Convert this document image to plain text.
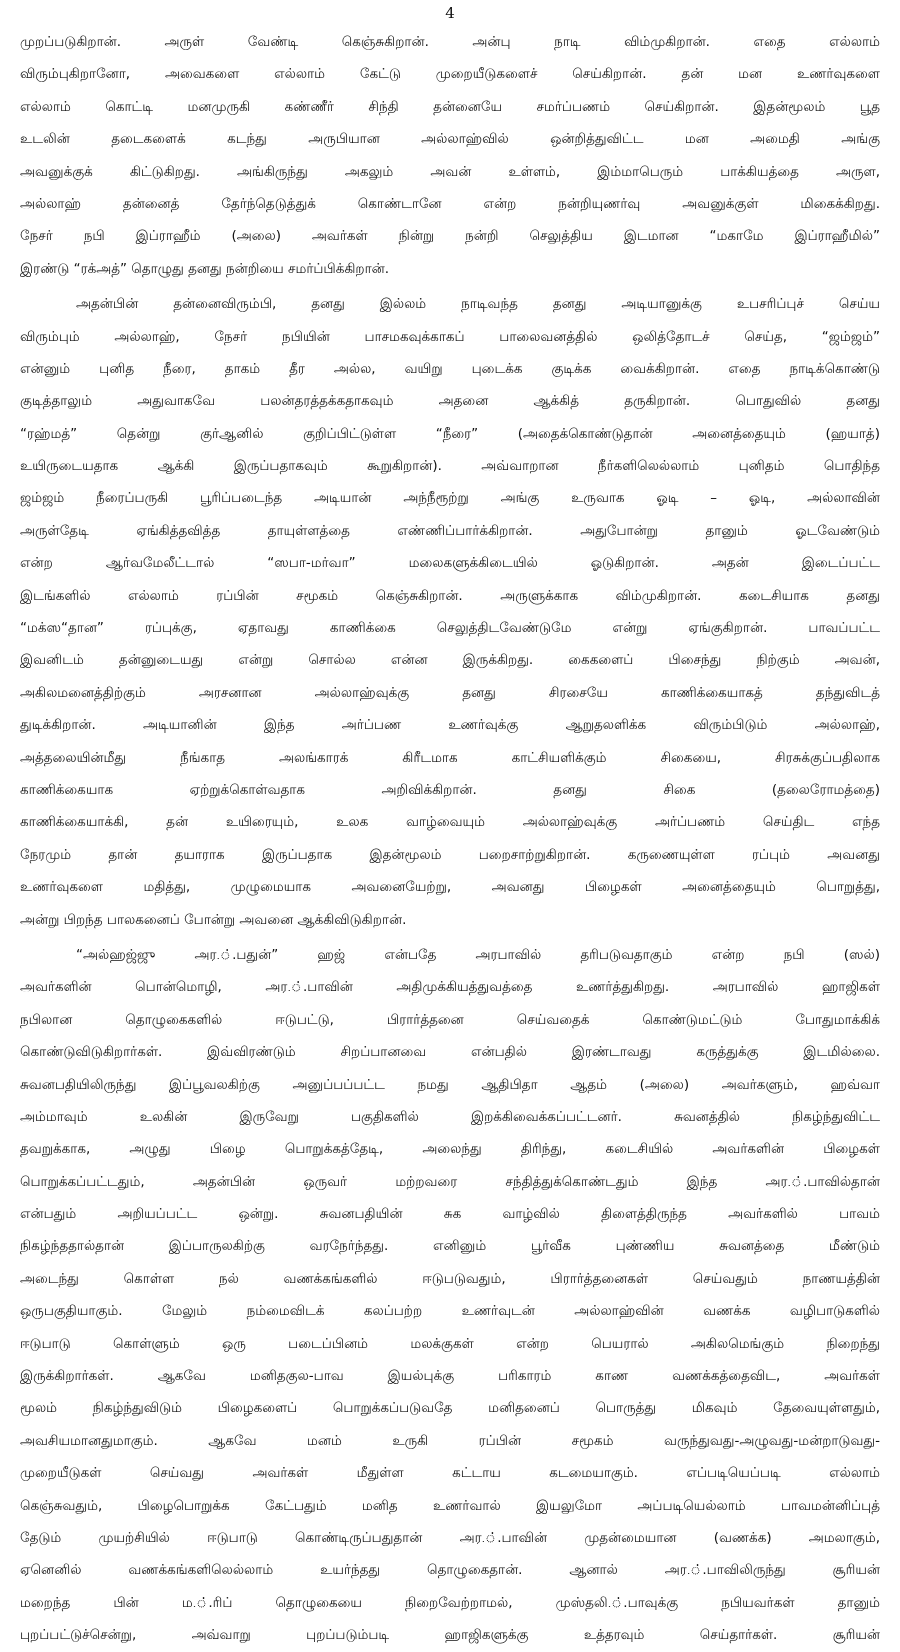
4
முறப்படுகிறான். அருள் வேண்டி கெஞ்சுகிறான். அன்பு நாடி விம்முகிறான். எதை எல்லாம்
விரும்புகிறானோ, அவைகளை எல்லாம் கேட்டு முறையீடுகளைச் செய்கிறான். தன் மன உணர்வுகளை
எல்லாம் கொட்டி மனமுருகி கண்ணீர் சிந்தி தன்னையே சமர்ப்பணம் செய்கிறான். இதன்மூலம் பூத
உடலின் தடைகளைக் கடந்து அருபியான அல்லாஹ்வில் ஒன்றித்துவிட்ட மன அமைதி அங்கு
அவனுக்குக் கிட்டுகிறது. அங்கிருந்து அகலும் அவன் உள்ளம், இம்மாபெரும் பாக்கியத்தை அருள,
அல்லாஹ் தன்னைத் தேர்ந்தெடுத்துக் கொண்டானே என்ற நன்றியுணர்வு அவனுக்குள் மிகைக்கிறது.
நேசர் நபி இப்ராஹீம் (அலை) அவர்கள் நின்று நன்றி செலுத்திய இடமான “மகாமே இப்ராஹீமில்”
இரண்டு “ரக்அத்” தொழுது தனது நன்றியை சமர்ப்பிக்கிறான்.
அதன்பின் தன்னைவிரும்பி, தனது இல்லம் நாடிவந்த தனது அடியானுக்கு உபசரிப்புச் செய்ய
விரும்பும் அல்லாஹ், நேசர் நபியின் பாசமகவுக்காகப் பாலைவனத்தில் ஒலித்தோடச் செய்த, “ஜம்ஜம்”
என்னும் புனித நீரை, தாகம் தீர அல்ல, வயிறு புடைக்க குடிக்க வைக்கிறான். எதை நாடிக்கொண்டு
குடித்தாலும் அதுவாகவே பலன்தரத்தக்கதாகவும் அதனை ஆக்கித் தருகிறான். பொதுவில் தனது
“ரஹ்மத்” தென்று குர்ஆனில் குறிப்பிட்டுள்ள “நீரை” (அதைக்கொண்டுதான் அனைத்தையும் (ஹயாத்)
உயிருடையதாக ஆக்கி இருப்பதாகவும் கூறுகிறான்). அவ்வாறான நீர்களிலெல்லாம் புனிதம் பொதிந்த
ஜம்ஜம் நீரைப்பருகி பூரிப்படைந்த அடியான் அந்நீரூற்று அங்கு உருவாக ஓடி – ஓடி, அல்லாவின்
அருள்தேடி ஏங்கித்தவித்த தாயுள்ளத்தை எண்ணிப்பார்க்கிறான். அதுபோன்று தானும் ஓடவேண்டும்
என்ற ஆர்வமேலீட்டால் “ஸபா-மர்வா” மலைகளுக்கிடையில் ஓடுகிறான். அதன் இடைப்பட்ட
இடங்களில் எல்லாம் ரப்பின் சமூகம் கெஞ்சுகிறான். அருளுக்காக விம்முகிறான். கடைசியாக தனது
“மக்ஸ“தான” ரப்புக்கு, ஏதாவது காணிக்கை செலுத்திடவேண்டுமே என்று ஏங்குகிறான். பாவப்பட்ட
இவனிடம் தன்னுடையது என்று சொல்ல என்ன இருக்கிறது. கைகளைப் பிசைந்து நிற்கும் அவன்,
அகிலமனைத்திற்கும் அரசனான அல்லாஹ்வுக்கு தனது சிரசையே காணிக்கையாகத் தந்துவிடத்
துடிக்கிறான். அடியானின் இந்த அர்ப்பண உணர்வுக்கு ஆறுதலளிக்க விரும்பிடும் அல்லாஹ்,
அத்தலையின்மீது நீங்காத அலங்காரக் கிரீடமாக காட்சியளிக்கும் சிகையை, சிரசுக்குப்பதிலாக
காணிக்கையாக ஏற்றுக்கொள்வதாக அறிவிக்கிறான். தனது சிகை (தலைரோமத்தை)
காணிக்கையாக்கி, தன் உயிரையும், உலக வாழ்வையும் அல்லாஹ்வுக்கு அர்ப்பணம் செய்திட எந்த
நேரமும் தான் தயாராக இருப்பதாக இதன்மூலம் பறைசாற்றுகிறான். கருணையுள்ள ரப்பும் அவனது
உணர்வுகளை மதித்து, முழுமையாக அவனையேற்று, அவனது பிழைகள் அனைத்தையும் பொறுத்து,
அன்று பிறந்த பாலகனைப் போன்று அவனை ஆக்கிவிடுகிறான்.
“அல்ஹஜ்ஜு அர.்.பதுன்” ஹஜ் என்பதே அரபாவில் தரிபடுவதாகும் என்ற நபி (ஸல்)
அவர்களின் பொன்மொழி, அர.்.பாவின் அதிமுக்கியத்துவத்தை உணர்த்துகிறது. அரபாவில் ஹாஜிகள்
நபிலான தொழுகைகளில் ஈடுபட்டு, பிரார்த்தனை செய்வதைக் கொண்டுமட்டும் போதுமாக்கிக்
கொண்டுவிடுகிறார்கள். இவ்விரண்டும் சிறப்பானவை என்பதில் இரண்டாவது கருத்துக்கு இடமில்லை.
சுவனபதியிலிருந்து இப்பூவலகிற்கு அனுப்பப்பட்ட நமது ஆதிபிதா ஆதம் (அலை) அவர்களும், ஹவ்வா
அம்மாவும் உலகின் இருவேறு பகுதிகளில் இறக்கிவைக்கப்பட்டனர். சுவனத்தில் நிகழ்ந்துவிட்ட
தவறுக்காக, அழுது பிழை பொறுக்கத்தேடி, அலைந்து திரிந்து, கடைசியில் அவர்களின் பிழைகள்
பொறுக்கப்பட்டதும், அதன்பின் ஒருவர் மற்றவரை சந்தித்துக்கொண்டதும் இந்த அர.்.பாவில்தான்
என்பதும் அறியப்பட்ட ஒன்று. சுவனபதியின் சுக வாழ்வில் திளைத்திருந்த அவர்களில் பாவம்
நிகழ்ந்ததால்தான் இப்பாருலகிற்கு வரநேர்ந்தது. எனினும் பூர்வீக புண்ணிய சுவனத்தை மீண்டும்
அடைந்து கொள்ள நல் வணக்கங்களில் ஈடுபடுவதும், பிரார்த்தனைகள் செய்வதும் நாணயத்தின்
ஒருபகுதியாகும். மேலும் நம்மைவிடக் கலப்பற்ற உணர்வுடன் அல்லாஹ்வின் வணக்க வழிபாடுகளில்
ஈடுபாடு கொள்ளும் ஒரு படைப்பினம் மலக்குகள் என்ற பெயரால் அகிலமெங்கும் நிறைந்து
இருக்கிறார்கள். ஆகவே மனிதகுல-பாவ இயல்புக்கு பரிகாரம் காண வணக்கத்தைவிட, அவர்கள்
மூலம் நிகழ்ந்துவிடும் பிழைகளைப் பொறுக்கப்படுவதே மனிதனைப் பொருத்து மிகவும் தேவையுள்ளதும்,
அவசியமானதுமாகும். ஆகவே மனம் உருகி ரப்பின் சமூகம் வருந்துவது-அழுவது-மன்றாடுவது-
முறையீடுகள் செய்வது அவர்கள் மீதுள்ள கட்டாய கடமையாகும். எப்படியெப்படி எல்லாம்
கெஞ்சுவதும், பிழைபொறுக்க கேட்பதும் மனித உணர்வால் இயலுமோ அப்படியெல்லாம் பாவமன்னிப்புத்
தேடும் முயற்சியில் ஈடுபாடு கொண்டிருப்பதுதான் அர.்.பாவின் முதன்மையான (வணக்க) அமலாகும்,
ஏனெனில் வணக்கங்களிலெல்லாம் உயர்ந்தது தொழுகைதான். ஆனால் அர.்.பாவிலிருந்து சூரியன்
மறைந்த பின் ம.்.ரிப் தொழுகையை நிறைவேற்றாமல், முஸ்தலி.்.பாவுக்கு நபியவர்கள் தானும்
புறப்பட்டுச்சென்று, அவ்வாறு புறப்படும்படி ஹாஜிகளுக்கு உத்தரவும் செய்தார்கள். சூரியன்
